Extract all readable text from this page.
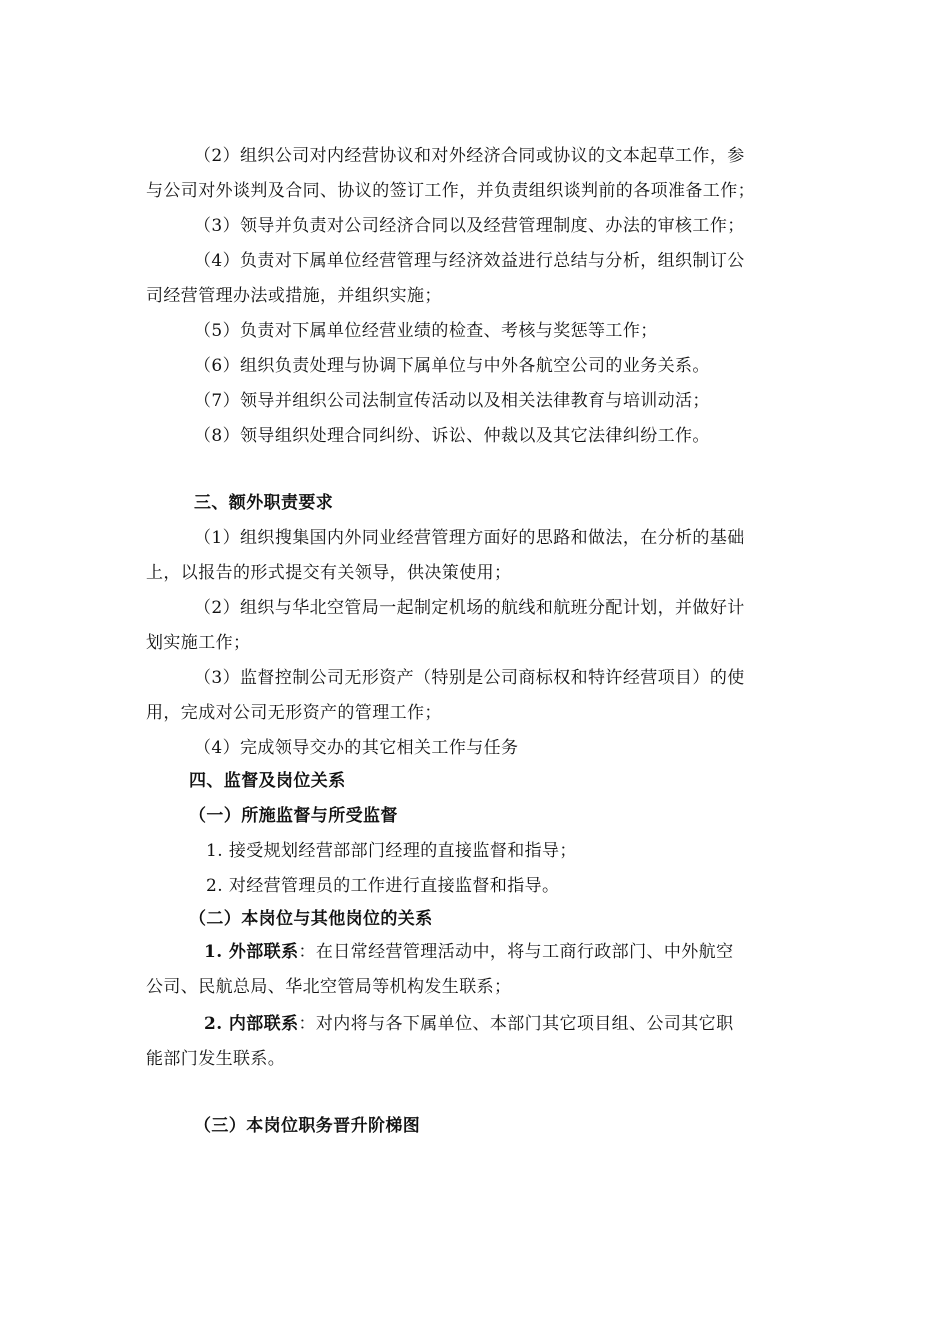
（2）组织公司对内经营协议和对外经济合同或协议的文本起草工作，参
与公司对外谈判及合同、协议的签订工作，并负责组织谈判前的各项准备工作；
（3）领导并负责对公司经济合同以及经营管理制度、办法的审核工作；
（4）负责对下属单位经营管理与经济效益进行总结与分析，组织制订公
司经营管理办法或措施，并组织实施；
（5）负责对下属单位经营业绩的检查、考核与奖惩等工作；
（6）组织负责处理与协调下属单位与中外各航空公司的业务关系。
（7）领导并组织公司法制宣传活动以及相关法律教育与培训动活；
（8）领导组织处理合同纠纷、诉讼、仲裁以及其它法律纠纷工作。
三、额外职责要求
（1）组织搜集国内外同业经营管理方面好的思路和做法，在分析的基础
上，以报告的形式提交有关领导，供决策使用；
（2）组织与华北空管局一起制定机场的航线和航班分配计划，并做好计
划实施工作；
（3）监督控制公司无形资产（特别是公司商标权和特许经营项目）的使
用，完成对公司无形资产的管理工作；
（4）完成领导交办的其它相关工作与任务
四、监督及岗位关系
（一）所施监督与所受监督
1. 接受规划经营部部门经理的直接监督和指导；
2. 对经营管理员的工作进行直接监督和指导。
（二）本岗位与其他岗位的关系
1. 外部联系：在日常经营管理活动中，将与工商行政部门、中外航空
公司、民航总局、华北空管局等机构发生联系；
2. 内部联系：对内将与各下属单位、本部门其它项目组、公司其它职
能部门发生联系。
（三）本岗位职务晋升阶梯图
